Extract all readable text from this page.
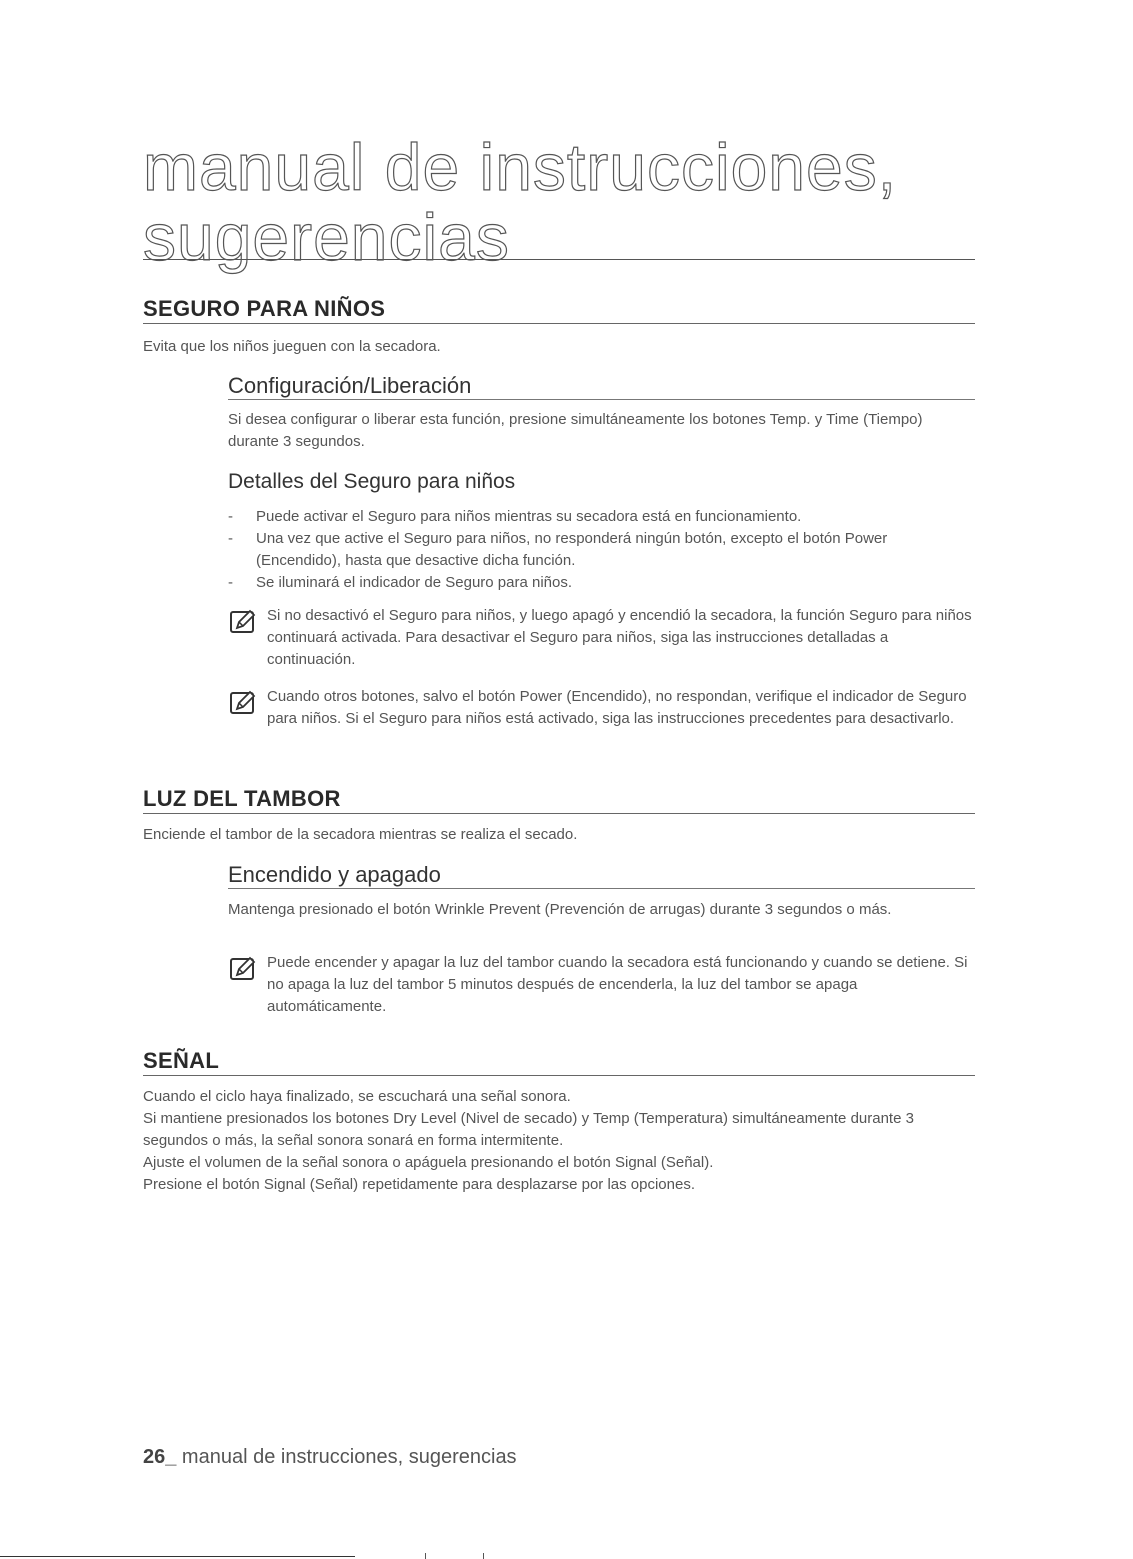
manual de instrucciones,
sugerencias
SEGURO PARA NIÑOS
Evita que los niños jueguen con la secadora.
Configuración/Liberación
Si desea configurar o liberar esta función, presione simultáneamente los botones Temp. y Time (Tiempo) durante 3 segundos.
Detalles del Seguro para niños
- Puede activar el Seguro para niños mientras su secadora está en funcionamiento.
- Una vez que active el Seguro para niños, no responderá ningún botón, excepto el botón Power (Encendido), hasta que desactive dicha función.
- Se iluminará el indicador de Seguro para niños.
Si no desactivó el Seguro para niños, y luego apagó y encendió la secadora, la función Seguro para niños continuará activada. Para desactivar el Seguro para niños, siga las instrucciones detalladas a continuación.
Cuando otros botones, salvo el botón Power (Encendido), no respondan, verifique el indicador de Seguro para niños. Si el Seguro para niños está activado, siga las instrucciones precedentes para desactivarlo.
LUZ DEL TAMBOR
Enciende el tambor de la secadora mientras se realiza el secado.
Encendido y apagado
Mantenga presionado el botón Wrinkle Prevent (Prevención de arrugas) durante 3 segundos o más.
Puede encender y apagar la luz del tambor cuando la secadora está funcionando y cuando se detiene. Si no apaga la luz del tambor 5 minutos después de encenderla, la luz del tambor se apaga automáticamente.
SEÑAL

Cuando el ciclo haya finalizado, se escuchará una señal sonora.

Si mantiene presionados los botones Dry Level (Nivel de secado) y Temp (Temperatura) simultáneamente durante 3 segundos o más, la señal sonora sonará en forma intermitente.

Ajuste el volumen de la señal sonora o apáguela presionando el botón Signal (Señal).

Presione el botón Signal (Señal) repetidamente para desplazarse por las opciones.

26_ manual de instrucciones, sugerencias
